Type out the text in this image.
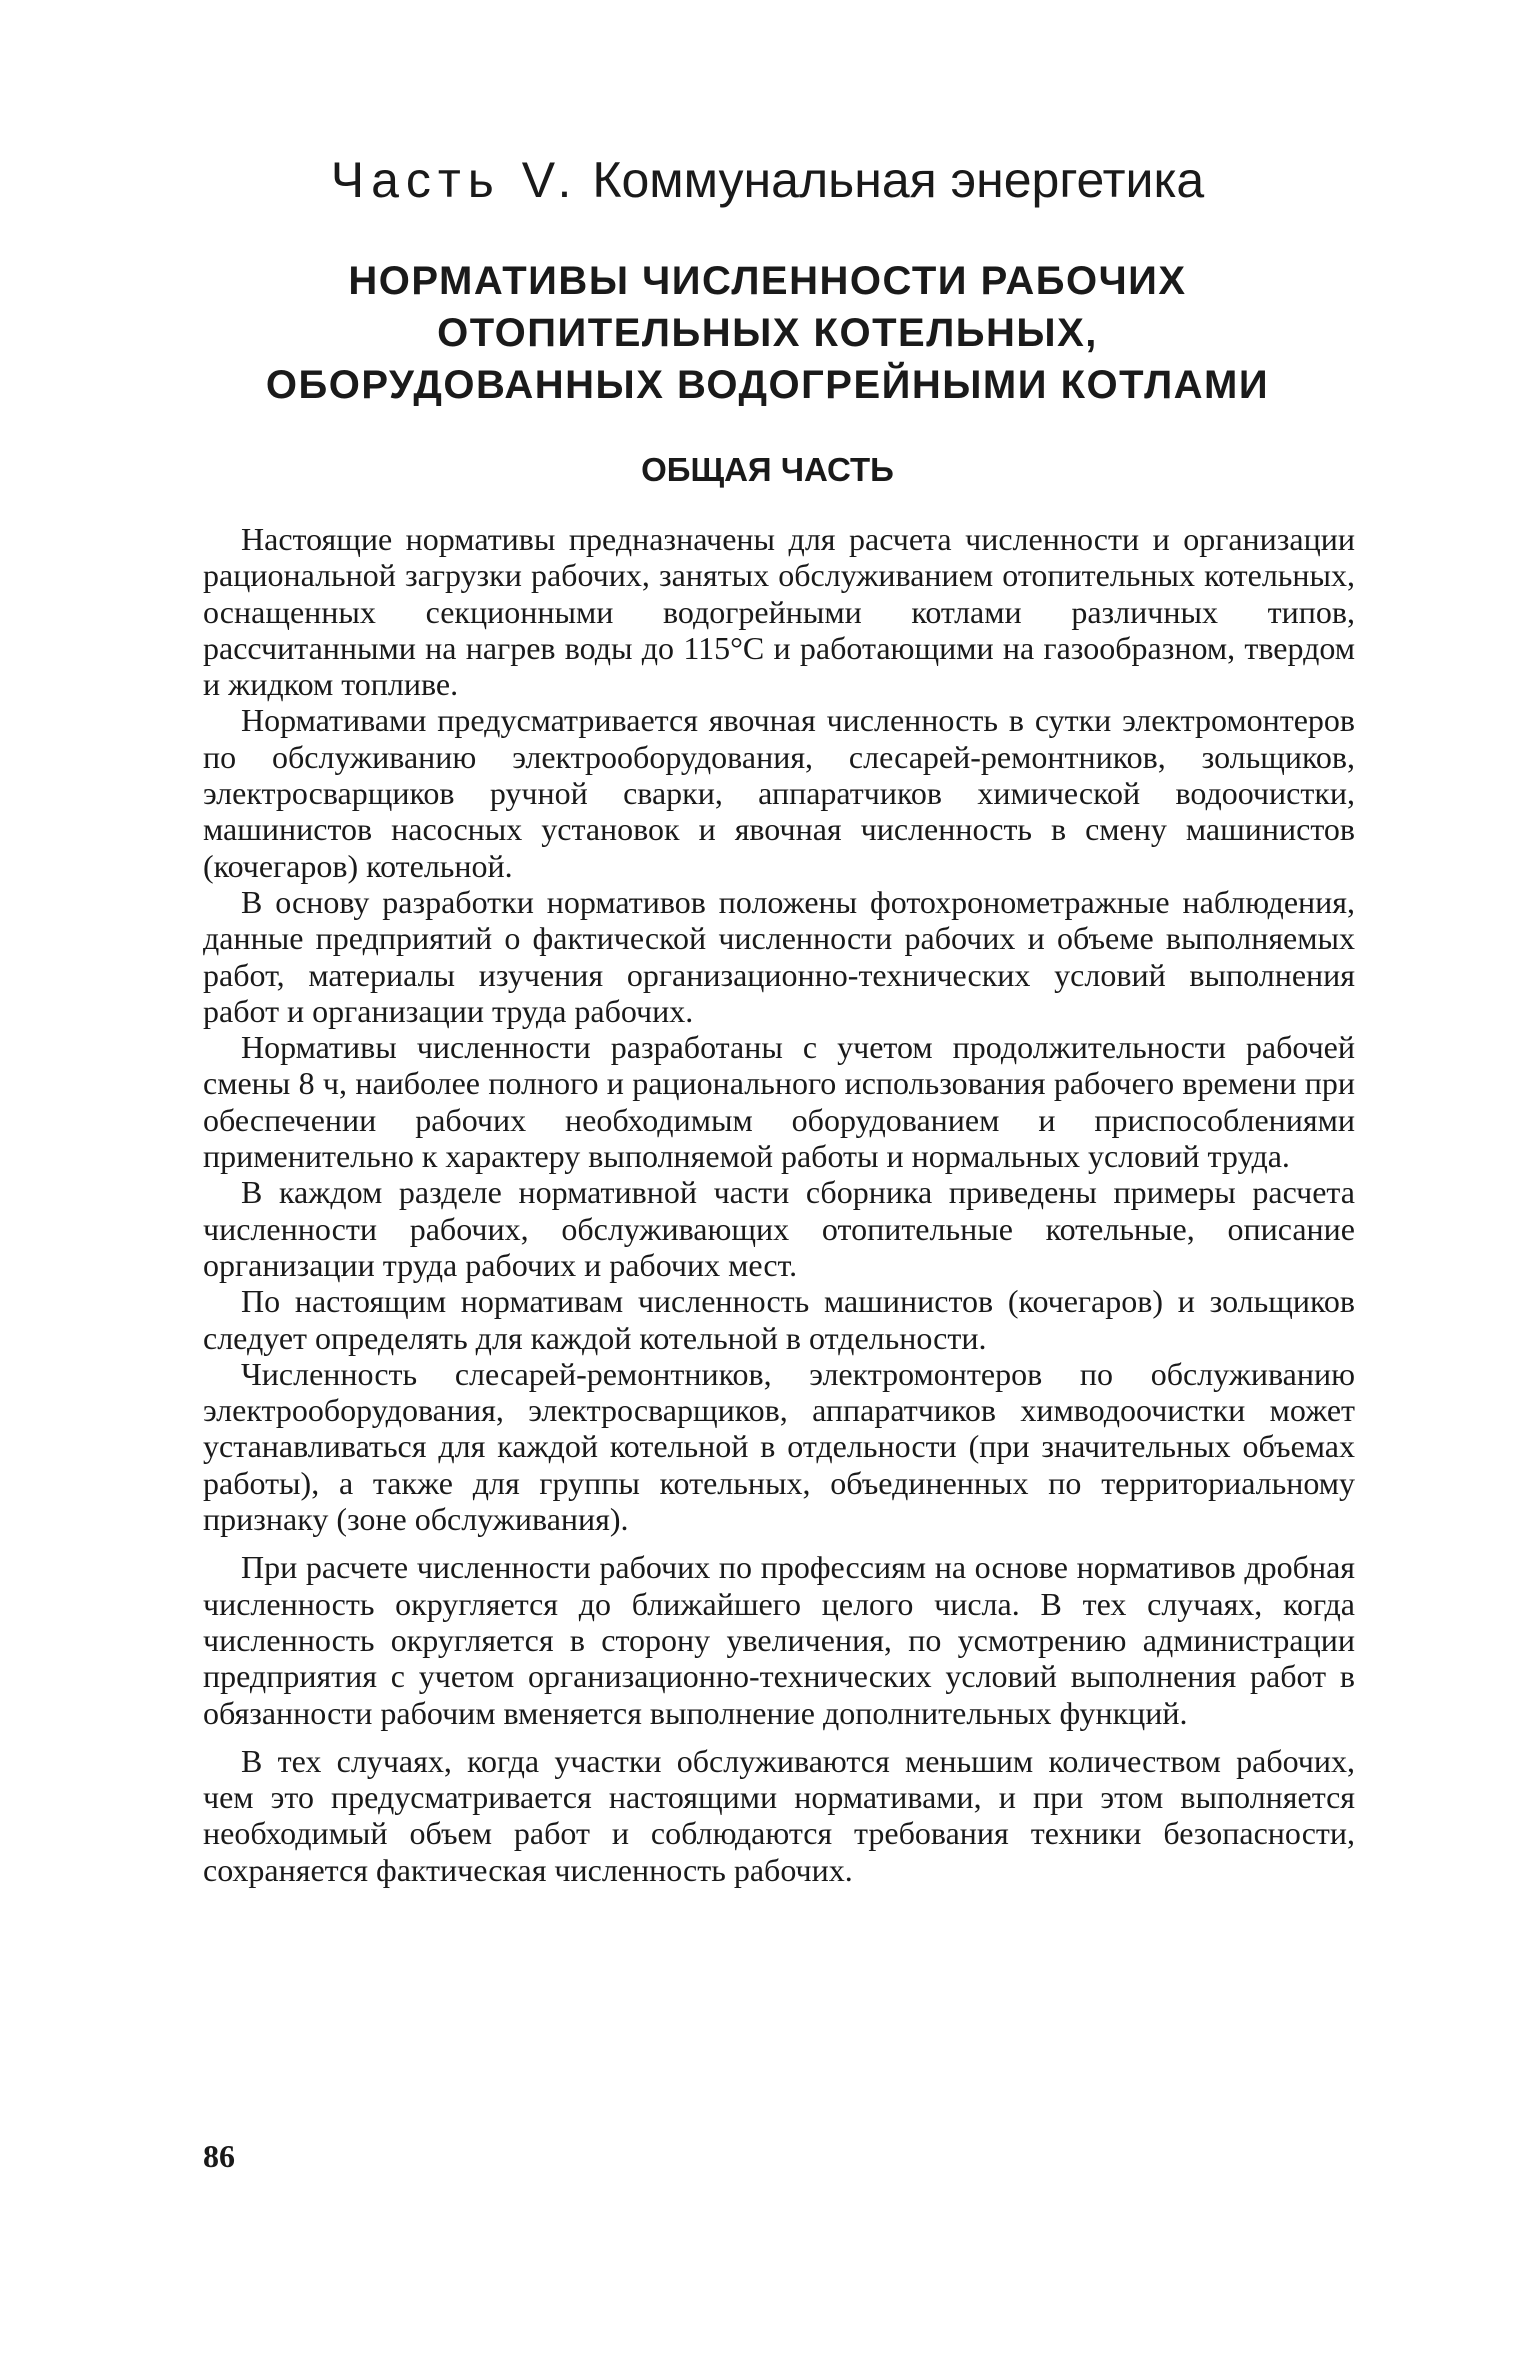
Часть V. Коммунальная энергетика
НОРМАТИВЫ ЧИСЛЕННОСТИ РАБОЧИХ
ОТОПИТЕЛЬНЫХ КОТЕЛЬНЫХ,
ОБОРУДОВАННЫХ ВОДОГРЕЙНЫМИ КОТЛАМИ
ОБЩАЯ ЧАСТЬ

Настоящие нормативы предназначены для расчета численности и организации рациональной загрузки рабочих, занятых обслуживанием отопительных котельных, оснащенных секционными водогрейными котлами различных типов, рассчитанными на нагрев воды до 115°С и работающими на газообразном, твердом и жидком топливе.

Нормативами предусматривается явочная численность в сутки электромонтеров по обслуживанию электрооборудования, слесарей-ремонтников, зольщиков, электросварщиков ручной сварки, аппаратчиков химической водоочистки, машинистов насосных установок и явочная численность в смену машинистов (кочегаров) котельной.

В основу разработки нормативов положены фотохронометражные наблюдения, данные предприятий о фактической численности рабочих и объеме выполняемых работ, материалы изучения организационно-технических условий выполнения работ и организации труда рабочих.

Нормативы численности разработаны с учетом продолжительности рабочей смены 8 ч, наиболее полного и рационального использования рабочего времени при обеспечении рабочих необходимым оборудованием и приспособлениями применительно к характеру выполняемой работы и нормальных условий труда.

В каждом разделе нормативной части сборника приведены примеры расчета численности рабочих, обслуживающих отопительные котельные, описание организации труда рабочих и рабочих мест.

По настоящим нормативам численность машинистов (кочегаров) и зольщиков следует определять для каждой котельной в отдельности.

Численность слесарей-ремонтников, электромонтеров по обслуживанию электрооборудования, электросварщиков, аппаратчиков химводоочистки может устанавливаться для каждой котельной в отдельности (при значительных объемах работы), а также для группы котельных, объединенных по территориальному признаку (зоне обслуживания).

При расчете численности рабочих по профессиям на основе нормативов дробная численность округляется до ближайшего целого числа. В тех случаях, когда численность округляется в сторону увеличения, по усмотрению администрации предприятия с учетом организационно-технических условий выполнения работ в обязанности рабочим вменяется выполнение дополнительных функций.

В тех случаях, когда участки обслуживаются меньшим количеством рабочих, чем это предусматривается настоящими нормативами, и при этом выполняется необходимый объем работ и соблюдаются требования техники безопасности, сохраняется фактическая численность рабочих.

86
